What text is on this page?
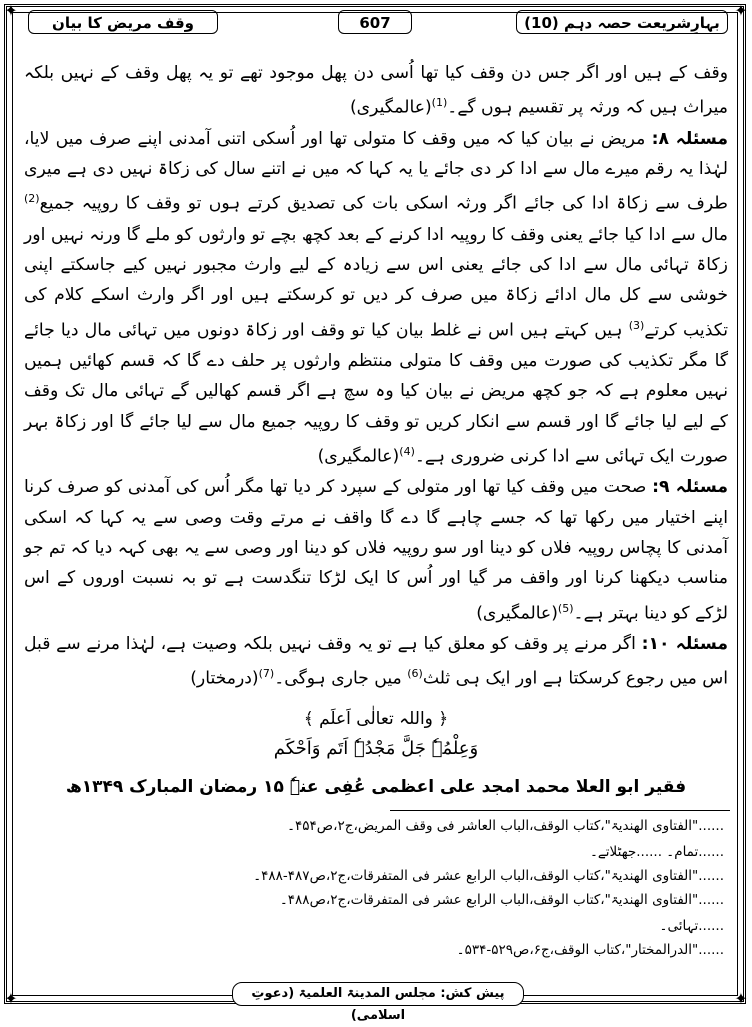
✦	✦
✦	✦
وقف مریض کا بیان	607	بہارِشریعت حصہ دہم (10)

وقف کے ہیں اور اگر جس دن وقف کیا تھا اُسی دن پھل موجود تھے تو یہ پھل وقف کے نہیں بلکہ میراث ہیں کہ ورثہ پر تقسیم ہوں گے۔$^{(1)}$(عالمگیری)

مسئلہ ۸: مریض نے بیان کیا کہ میں وقف کا متولی تھا اور اُسکی اتنی آمدنی اپنے صرف میں لایا، لہٰذا یہ رقم میرے مال سے ادا کر دی جائے یا یہ کہا کہ میں نے اتنے سال کی زکاۃ نہیں دی ہے میری طرف سے زکاۃ ادا کی جائے اگر ورثہ اسکی بات کی تصدیق کرتے ہوں تو وقف کا روپیہ جمیع$^{(2)}$ مال سے ادا کیا جائے یعنی وقف کا روپیہ ادا کرنے کے بعد کچھ بچے تو وارثوں کو ملے گا ورنہ نہیں اور زکاۃ تہائی مال سے ادا کی جائے یعنی اس سے زیادہ کے لیے وارث مجبور نہیں کیے جاسکتے اپنی خوشی سے کل مال ادائے زکاۃ میں صرف کر دیں تو کرسکتے ہیں اور اگر وارث اسکے کلام کی تکذیب کرتے$^{(3)}$ ہیں کہتے ہیں اس نے غلط بیان کیا تو وقف اور زکاۃ دونوں میں تہائی مال دیا جائے گا مگر تکذیب کی صورت میں وقف کا متولی منتظم وارثوں پر حلف دے گا کہ قسم کھائیں ہمیں نہیں معلوم ہے کہ جو کچھ مریض نے بیان کیا وہ سچ ہے اگر قسم کھالیں گے تہائی مال تک وقف کے لیے لیا جائے گا اور قسم سے انکار کریں تو وقف کا روپیہ جمیع مال سے لیا جائے گا اور زکاۃ بہر صورت ایک تہائی سے ادا کرنی ضروری ہے۔$^{(4)}$(عالمگیری)

مسئلہ ۹: صحت میں وقف کیا تھا اور متولی کے سپرد کر دیا تھا مگر اُس کی آمدنی کو صرف کرنا اپنے اختیار میں رکھا تھا کہ جسے چاہے گا دے گا واقف نے مرتے وقت وصی سے یہ کہا کہ اسکی آمدنی کا پچاس روپیہ فلاں کو دینا اور سو روپیہ فلاں کو دینا اور وصی سے یہ بھی کہہ دیا کہ تم جو مناسب دیکھنا کرنا اور واقف مر گیا اور اُس کا ایک لڑکا تنگدست ہے تو بہ نسبت اوروں کے اس لڑکے کو دینا بہتر ہے۔$^{(5)}$(عالمگیری)

مسئلہ ۱۰: اگر مرنے پر وقف کو معلق کیا ہے تو یہ وقف نہیں بلکہ وصیت ہے، لہٰذا مرنے سے قبل اس میں رجوع کرسکتا ہے اور ایک ہی ثلث$^{(6)}$ میں جاری ہوگی۔$^{(7)}$(درمختار)

﴿ واللہ تعالٰی اَعلَم ﴾
وَعِلْمُہٗ جَلَّ مَجْدُہٗ اَتَم وَاَحْکَم
فقیر ابو العلا محمد امجد علی اعظمی عُفِی عنہٗ ۱۵ رمضان المبارک ۱۳۴۹ھ
......"الفتاوی الھندیۃ"،کتاب الوقف،الباب العاشر فی وقف المریض،ج۲،ص۴۵۴۔
......تمام۔ ......جھٹلاتے۔
......"الفتاوی الھندیۃ"،کتاب الوقف،الباب الرابع عشر فی المتفرقات،ج۲،ص۴۸۷-۴۸۸۔
......"الفتاوی الھندیۃ"،کتاب الوقف،الباب الرابع عشر فی المتفرقات،ج۲،ص۴۸۸۔
......تہائی۔
......"الدرالمختار"،کتاب الوقف،ج۶،ص۵۲۹-۵۳۴۔
پیش کش: مجلس المدینۃ العلمیۃ (دعوتِ اسلامی)
